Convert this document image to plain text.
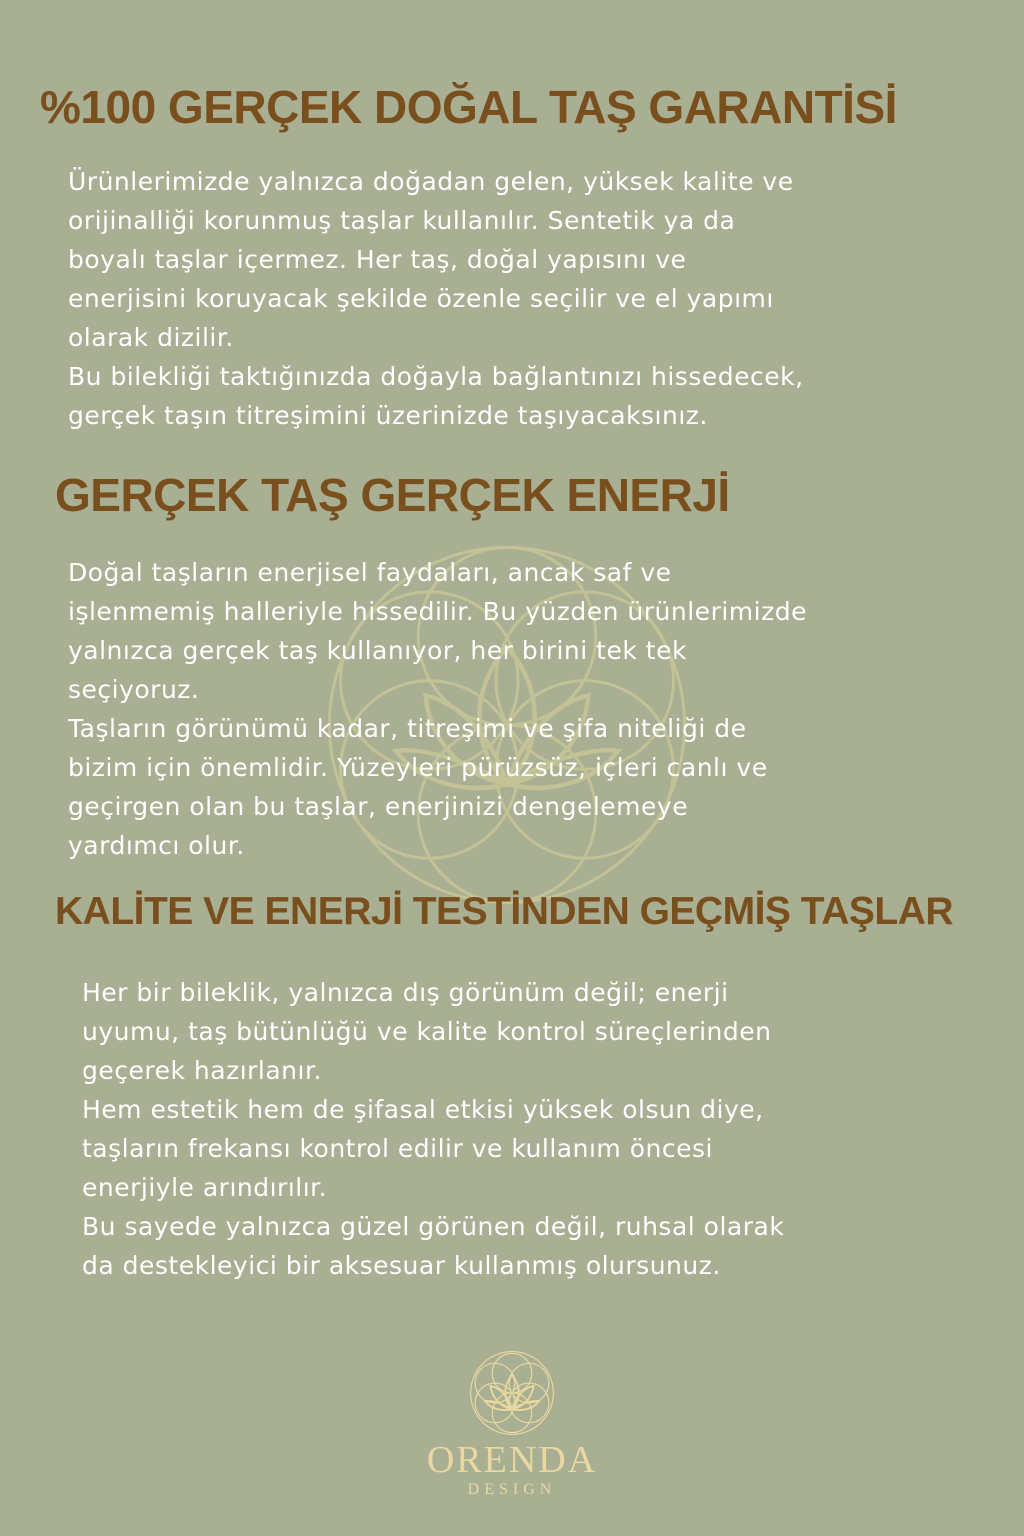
%100 GERÇEK DOĞAL TAŞ GARANTİSİ
Ürünlerimizde yalnızca doğadan gelen, yüksek kalite ve
orijinalliği korunmuş taşlar kullanılır. Sentetik ya da
boyalı taşlar içermez. Her taş, doğal yapısını ve
enerjisini koruyacak şekilde özenle seçilir ve el yapımı
olarak dizilir.
Bu bilekliği taktığınızda doğayla bağlantınızı hissedecek,
gerçek taşın titreşimini üzerinizde taşıyacaksınız.
GERÇEK TAŞ GERÇEK ENERJİ
Doğal taşların enerjisel faydaları, ancak saf ve
işlenmemiş halleriyle hissedilir. Bu yüzden ürünlerimizde
yalnızca gerçek taş kullanıyor, her birini tek tek
seçiyoruz.
Taşların görünümü kadar, titreşimi ve şifa niteliği de
bizim için önemlidir. Yüzeyleri pürüzsüz, içleri canlı ve
geçirgen olan bu taşlar, enerjinizi dengelemeye
yardımcı olur.
KALİTE VE ENERJİ TESTİNDEN GEÇMİŞ TAŞLAR
Her bir bileklik, yalnızca dış görünüm değil; enerji
uyumu, taş bütünlüğü ve kalite kontrol süreçlerinden
geçerek hazırlanır.
Hem estetik hem de şifasal etkisi yüksek olsun diye,
taşların frekansı kontrol edilir ve kullanım öncesi
enerjiyle arındırılır.
Bu sayede yalnızca güzel görünen değil, ruhsal olarak
da destekleyici bir aksesuar kullanmış olursunuz.
ORENDA
DESIGN
